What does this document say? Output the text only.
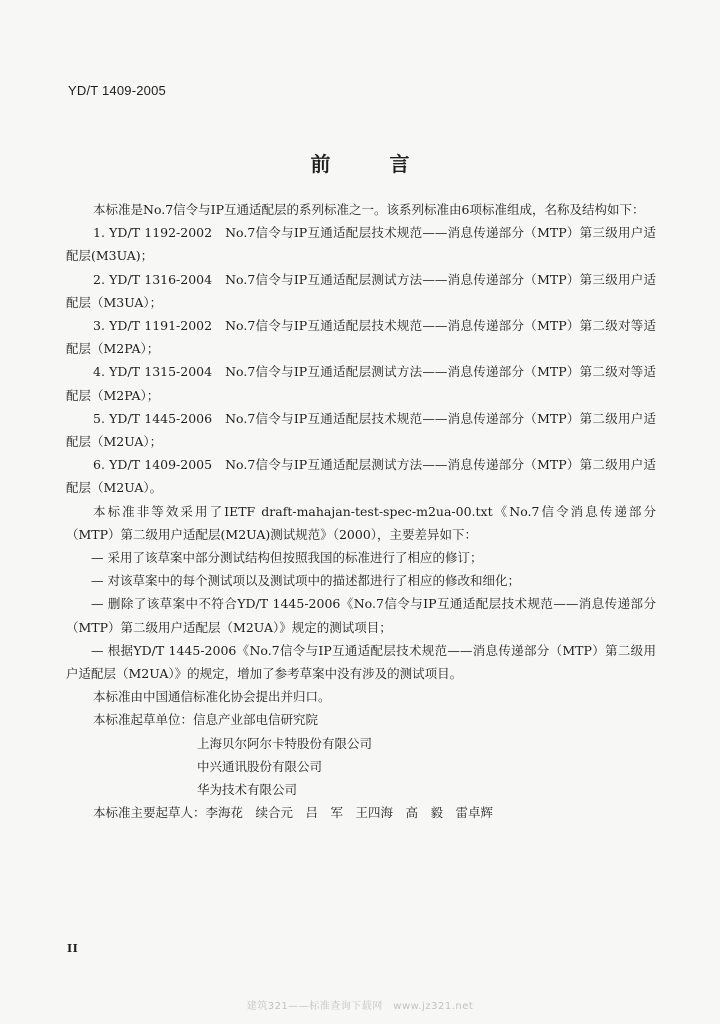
YD/T 1409-2005
前 言

本标准是No.7信令与IP互通适配层的系列标准之一。该系列标准由6项标准组成，名称及结构如下：

1. YD/T 1192-2002　No.7信令与IP互通适配层技术规范——消息传递部分（MTP）第三级用户适配层(M3UA)；

2. YD/T 1316-2004　No.7信令与IP互通适配层测试方法——消息传递部分（MTP）第三级用户适配层（M3UA）；

3. YD/T 1191-2002　No.7信令与IP互通适配层技术规范——消息传递部分（MTP）第二级对等适配层（M2PA）；

4. YD/T 1315-2004　No.7信令与IP互通适配层测试方法——消息传递部分（MTP）第二级对等适配层（M2PA）；

5. YD/T 1445-2006　No.7信令与IP互通适配层技术规范——消息传递部分（MTP）第二级用户适配层（M2UA）；

6. YD/T 1409-2005　No.7信令与IP互通适配层测试方法——消息传递部分（MTP）第二级用户适配层（M2UA）。

本标准非等效采用了IETF draft-mahajan-test-spec-m2ua-00.txt《No.7信令消息传递部分（MTP）第二级用户适配层(M2UA)测试规范》（2000），主要差异如下：

— 采用了该草案中部分测试结构但按照我国的标准进行了相应的修订；

— 对该草案中的每个测试项以及测试项中的描述都进行了相应的修改和细化；

— 删除了该草案中不符合YD/T 1445-2006《No.7信令与IP互通适配层技术规范——消息传递部分（MTP）第二级用户适配层（M2UA）》规定的测试项目；

— 根据YD/T 1445-2006《No.7信令与IP互通适配层技术规范——消息传递部分（MTP）第二级用户适配层（M2UA）》的规定，增加了参考草案中没有涉及的测试项目。

本标准由中国通信标准化协会提出并归口。

本标准起草单位：信息产业部电信研究院

上海贝尔阿尔卡特股份有限公司

中兴通讯股份有限公司

华为技术有限公司

本标准主要起草人：李海花　续合元　吕　军　王四海　高　毅　雷卓辉

II
建筑321——标准查询下载网　www.jz321.net
